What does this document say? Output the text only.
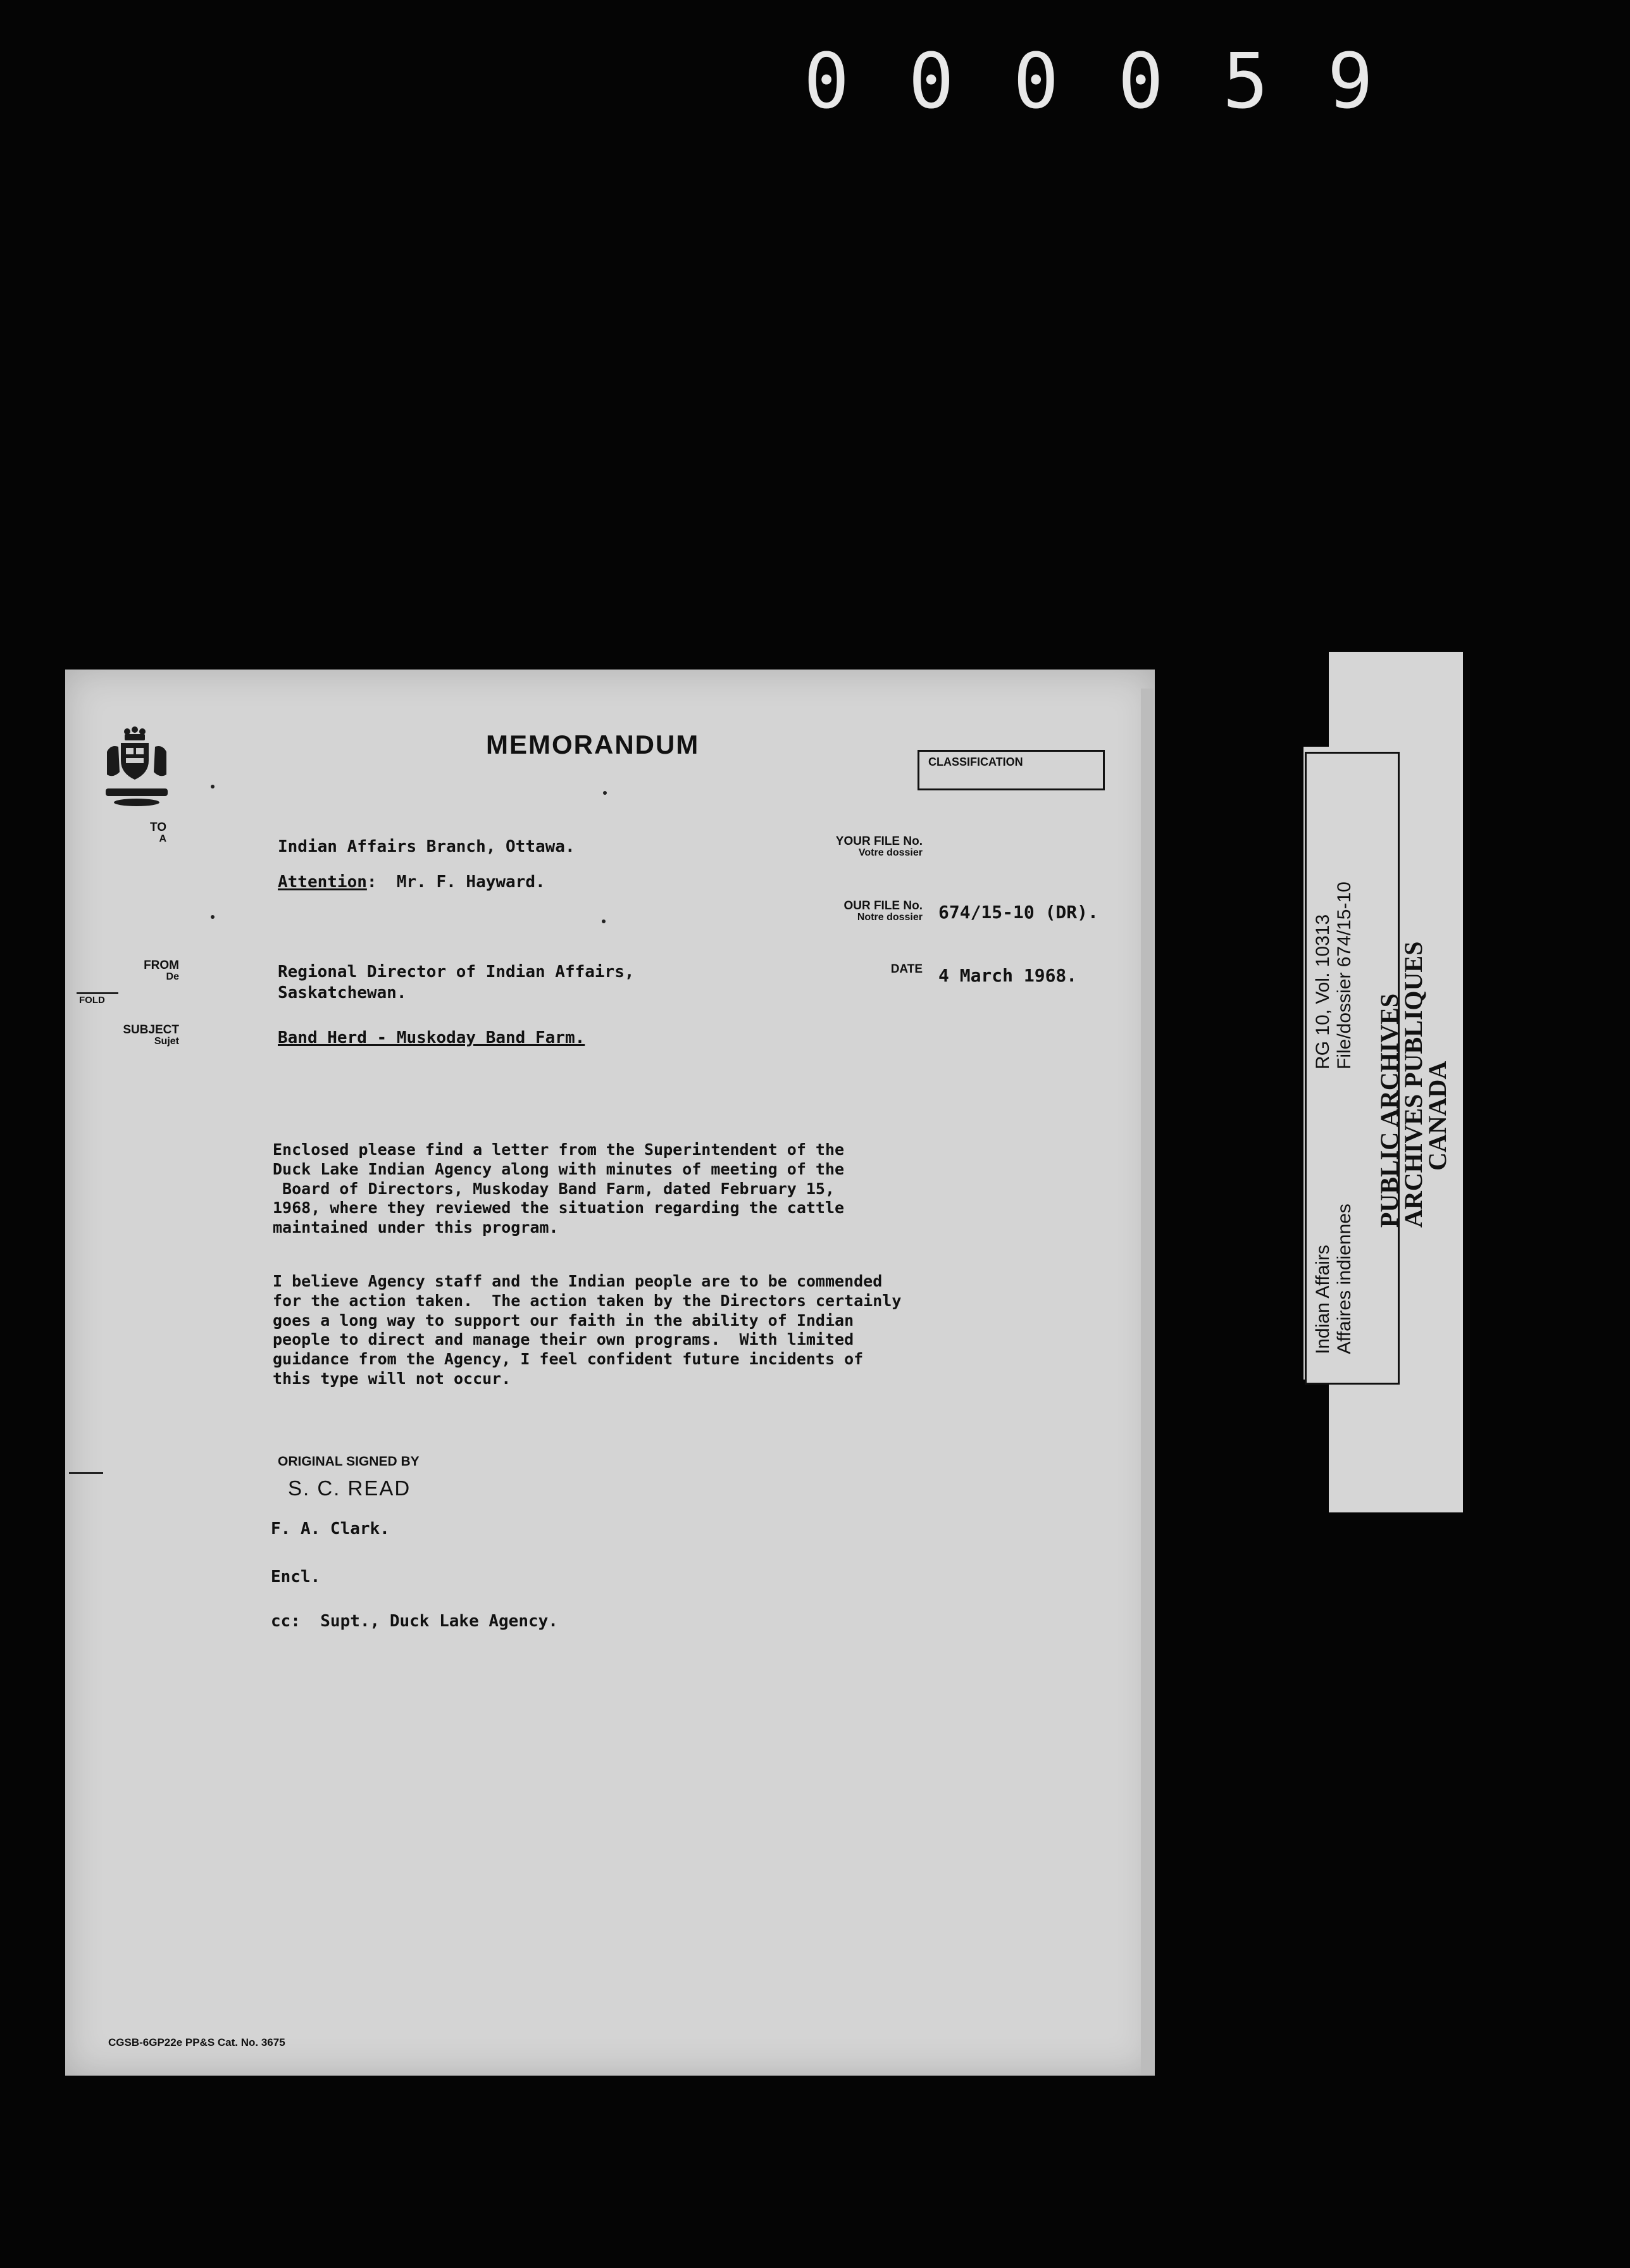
0 0 0 0 5 9
MEMORANDUM
CLASSIFICATION
TO
A	Indian Affairs Branch, Ottawa.
Attention:  Mr. F. Hayward.
YOUR FILE No.
Votre dossier
OUR FILE No.
Notre dossier 674/15-10 (DR).
FROM
De	Regional Director of Indian Affairs,
Saskatchewan.
DATE 4 March 1968.
FOLD
SUBJECT
Sujet	Band Herd - Muskoday Band Farm.
Enclosed please find a letter from the Superintendent of the
Duck Lake Indian Agency along with minutes of meeting of the
Board of Directors, Muskoday Band Farm, dated February 15,
1968, where they reviewed the situation regarding the cattle
maintained under this program.
I believe Agency staff and the Indian people are to be commended
for the action taken.  The action taken by the Directors certainly
goes a long way to support our faith in the ability of Indian
people to direct and manage their own programs.  With limited
guidance from the Agency, I feel confident future incidents of
this type will not occur.
ORIGINAL SIGNED BY
S. C. READ
F. A. Clark.
Encl.
cc:  Supt., Duck Lake Agency.
CGSB-6GP22e PP&S Cat. No. 3675
Indian Affairs Affaires indiennes
RG 10, Vol. 10313 File/dossier 674/15-10
PUBLIC ARCHIVES
ARCHIVES PUBLIQUES
CANADA
